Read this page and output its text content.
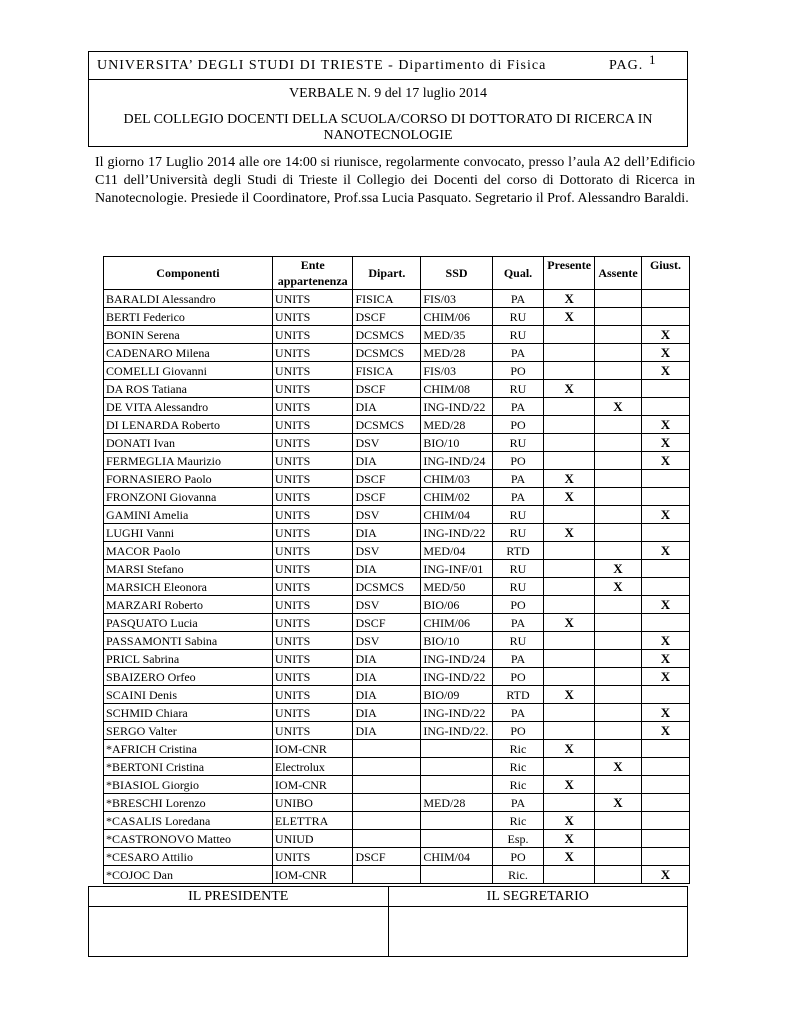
UNIVERSITA’ DEGLI STUDI DI TRIESTE - Dipartimento di Fisica	PAG. 1
VERBALE N. 9 del 17 luglio 2014
DEL COLLEGIO DOCENTI DELLA SCUOLA/CORSO DI DOTTORATO DI RICERCA IN NANOTECNOLOGIE
Il giorno 17 Luglio 2014 alle ore 14:00 si riunisce, regolarmente convocato, presso l’aula A2 dell’Edificio C11 dell’Università degli Studi di Trieste il Collegio dei Docenti del corso di Dottorato di Ricerca in Nanotecnologie. Presiede il Coordinatore, Prof.ssa Lucia Pasquato. Segretario il Prof. Alessandro Baraldi.
Componenti	Ente appartenenza	Dipart.	SSD	Qual.	Presente	Assente	Giust.
BARALDI Alessandro	UNITS	FISICA	FIS/03	PA	X		
BERTI Federico	UNITS	DSCF	CHIM/06	RU	X		
BONIN Serena	UNITS	DCSMCS	MED/35	RU			X
CADENARO Milena	UNITS	DCSMCS	MED/28	PA			X
COMELLI Giovanni	UNITS	FISICA	FIS/03	PO			X
DA ROS Tatiana	UNITS	DSCF	CHIM/08	RU	X		
DE VITA Alessandro	UNITS	DIA	ING-IND/22	PA		X	
DI LENARDA Roberto	UNITS	DCSMCS	MED/28	PO			X
DONATI Ivan	UNITS	DSV	BIO/10	RU			X
FERMEGLIA Maurizio	UNITS	DIA	ING-IND/24	PO			X
FORNASIERO Paolo	UNITS	DSCF	CHIM/03	PA	X		
FRONZONI Giovanna	UNITS	DSCF	CHIM/02	PA	X		
GAMINI Amelia	UNITS	DSV	CHIM/04	RU			X
LUGHI Vanni	UNITS	DIA	ING-IND/22	RU	X		
MACOR Paolo	UNITS	DSV	MED/04	RTD			X
MARSI Stefano	UNITS	DIA	ING-INF/01	RU		X	
MARSICH Eleonora	UNITS	DCSMCS	MED/50	RU		X	
MARZARI Roberto	UNITS	DSV	BIO/06	PO			X
PASQUATO Lucia	UNITS	DSCF	CHIM/06	PA	X		
PASSAMONTI Sabina	UNITS	DSV	BIO/10	RU			X
PRICL Sabrina	UNITS	DIA	ING-IND/24	PA			X
SBAIZERO Orfeo	UNITS	DIA	ING-IND/22	PO			X
SCAINI Denis	UNITS	DIA	BIO/09	RTD	X		
SCHMID Chiara	UNITS	DIA	ING-IND/22	PA			X
SERGO Valter	UNITS	DIA	ING-IND/22.	PO			X
*AFRICH Cristina	IOM-CNR			Ric	X		
*BERTONI Cristina	Electrolux			Ric		X	
*BIASIOL Giorgio	IOM-CNR			Ric	X		
*BRESCHI Lorenzo	UNIBO		MED/28	PA		X	
*CASALIS Loredana	ELETTRA			Ric	X		
*CASTRONOVO Matteo	UNIUD			Esp.	X		
*CESARO Attilio	UNITS	DSCF	CHIM/04	PO	X		
*COJOC Dan	IOM-CNR			Ric.			X
IL PRESIDENTE	IL SEGRETARIO
